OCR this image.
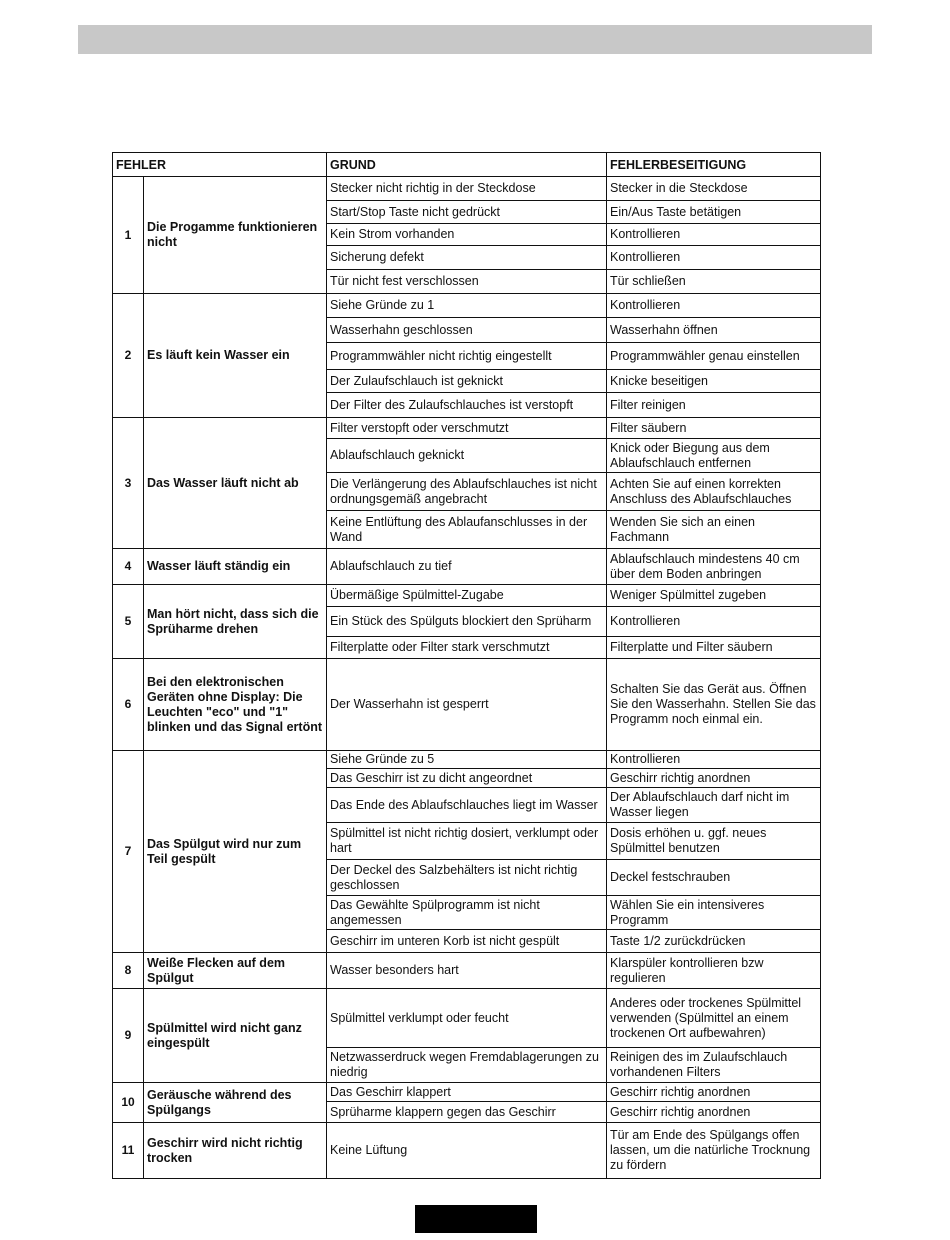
FEHLER		GRUND	FEHLERBESEITIGUNG
1	Die Progamme funktionieren nicht	Stecker nicht richtig in der Steckdose	Stecker in die Steckdose
		Start/Stop Taste nicht gedrückt	Ein/Aus Taste betätigen
		Kein Strom vorhanden	Kontrollieren
		Sicherung defekt	Kontrollieren
		Tür nicht fest verschlossen	Tür schließen
2	Es läuft kein Wasser ein	Siehe Gründe zu 1	Kontrollieren
		Wasserhahn geschlossen	Wasserhahn öffnen
		Programmwähler nicht richtig eingestellt	Programmwähler genau einstellen
		Der Zulaufschlauch ist geknickt	Knicke beseitigen
		Der Filter des Zulaufschlauches ist verstopft	Filter reinigen
3	Das Wasser läuft nicht ab	Filter verstopft oder verschmutzt	Filter säubern
		Ablaufschlauch geknickt	Knick oder Biegung aus dem Ablaufschlauch entfernen
		Die Verlängerung des Ablaufschlauches ist nicht ordnungsgemäß angebracht	Achten Sie auf einen korrekten Anschluss des Ablaufschlauches
		Keine Entlüftung des Ablaufanschlusses in der Wand	Wenden Sie sich an einen Fachmann
4	Wasser läuft ständig ein	Ablaufschlauch zu tief	Ablaufschlauch mindestens 40 cm über dem Boden anbringen
5	Man hört nicht, dass sich die Sprüharme drehen	Übermäßige Spülmittel-Zugabe	Weniger Spülmittel zugeben
		Ein Stück des Spülguts blockiert den Sprüharm	Kontrollieren
		Filterplatte oder Filter stark verschmutzt	Filterplatte und Filter säubern
6	Bei den elektronischen Geräten ohne Display: Die Leuchten "eco" und "1" blinken und das Signal ertönt	Der Wasserhahn ist gesperrt	Schalten Sie das Gerät aus. Öffnen Sie den Wasserhahn. Stellen Sie das Programm noch einmal ein.
7	Das Spülgut wird nur zum Teil gespült	Siehe Gründe zu 5	Kontrollieren
		Das Geschirr ist zu dicht angeordnet	Geschirr richtig anordnen
		Das Ende des Ablaufschlauches liegt im Wasser	Der Ablaufschlauch darf nicht im Wasser liegen
		Spülmittel ist nicht richtig dosiert, verklumpt oder hart	Dosis erhöhen u. ggf. neues Spülmittel benutzen
		Der Deckel des Salzbehälters ist nicht richtig geschlossen	Deckel festschrauben
		Das Gewählte Spülprogramm ist nicht angemessen	Wählen Sie ein intensiveres Programm
		Geschirr im unteren Korb ist nicht gespült	Taste 1/2 zurückdrücken
8	Weiße Flecken auf dem Spülgut	Wasser besonders hart	Klarspüler kontrollieren bzw regulieren
9	Spülmittel wird nicht ganz eingespült	Spülmittel verklumpt oder feucht	Anderes oder trockenes Spülmittel verwenden (Spülmittel an einem trockenen Ort aufbewahren)
		Netzwasserdruck wegen Fremdablagerungen zu niedrig	Reinigen des im Zulaufschlauch vorhandenen Filters
10	Geräusche während des Spülgangs	Das Geschirr klappert	Geschirr richtig anordnen
		Sprüharme klappern gegen das Geschirr	Geschirr richtig anordnen
11	Geschirr wird nicht richtig trocken	Keine Lüftung	Tür am Ende des Spülgangs offen lassen, um die natürliche Trocknung zu fördern
